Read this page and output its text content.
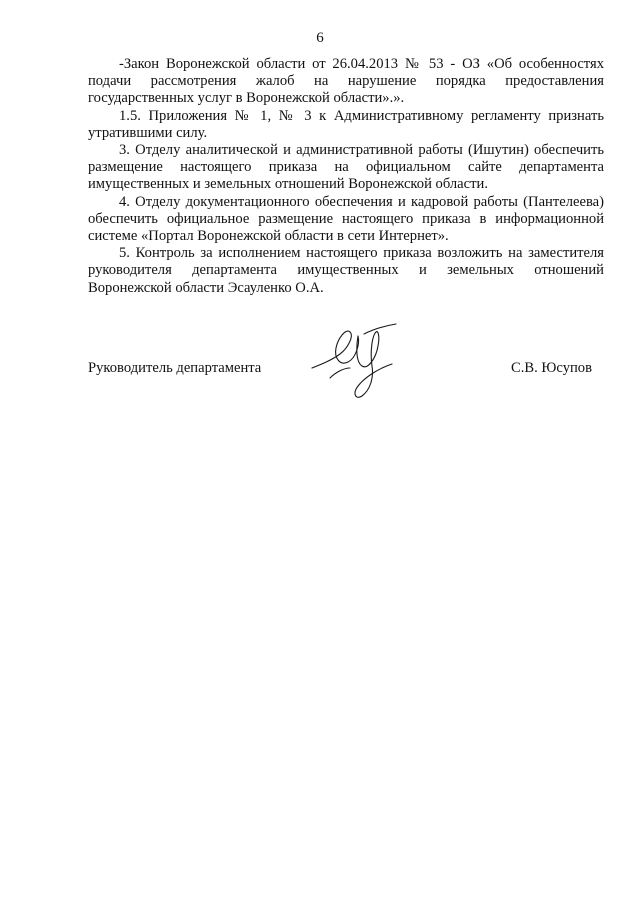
6

-Закон Воронежской области от 26.04.2013 № 53 - ОЗ «Об особенностях подачи рассмотрения жалоб на нарушение порядка предоставления государственных услуг в Воронежской области».».

1.5. Приложения № 1, № 3 к Административному регламенту признать утратившими силу.

3. Отделу аналитической и административной работы (Ишутин) обеспечить размещение настоящего приказа на официальном сайте департамента имущественных и земельных отношений Воронежской области.

4. Отделу документационного обеспечения и кадровой работы (Пантелеева) обеспечить официальное размещение настоящего приказа в информационной системе «Портал Воронежской области в сети Интернет».

5. Контроль за исполнением настоящего приказа возложить на заместителя руководителя департамента имущественных и земельных отношений Воронежской области Эсауленко О.А.

Руководитель департамента	С.В. Юсупов
